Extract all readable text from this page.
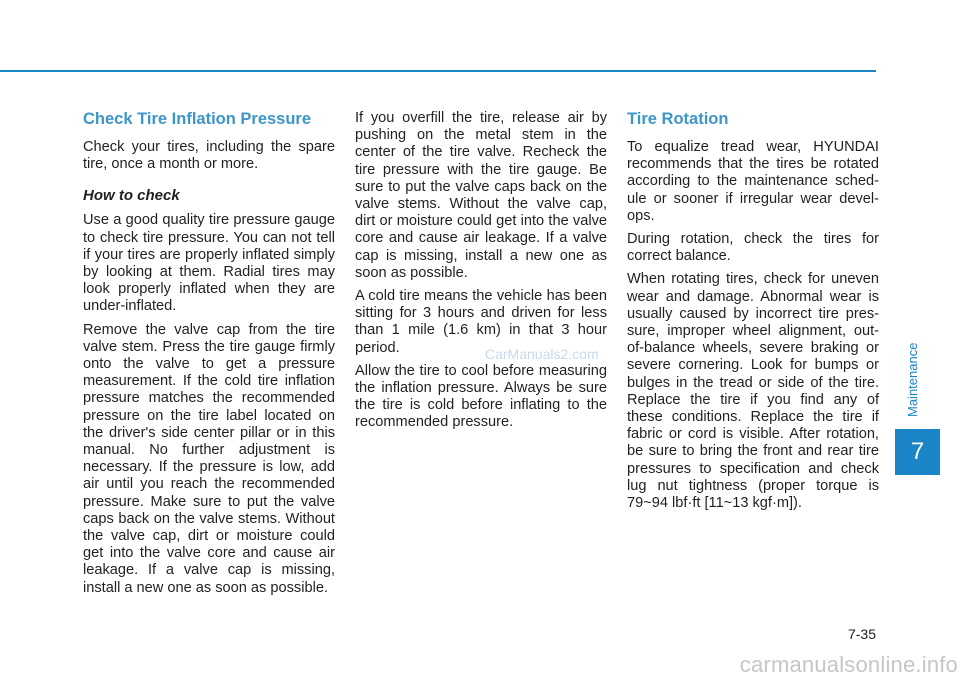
Check Tire Inflation Pressure

Check your tires, including the spare tire, once a month or more.

How to check

Use a good quality tire pressure gauge to check tire pressure. You can not tell if your tires are properly inflated simply by looking at them. Radial tires may look properly inflated when they are under-inflated.

Remove the valve cap from the tire valve stem. Press the tire gauge firmly onto the valve to get a pressure measurement. If the cold tire inflation pressure matches the recommended pressure on the tire label located on the driver's side center pillar or in this manual. No further adjustment is necessary. If the pressure is low, add air until you reach the recommended pressure. Make sure to put the valve caps back on the valve stems. Without the valve cap, dirt or moisture could get into the valve core and cause air leakage. If a valve cap is missing, install a new one as soon as possible.

If you overfill the tire, release air by pushing on the metal stem in the center of the tire valve. Recheck the tire pressure with the tire gauge. Be sure to put the valve caps back on the valve stems. Without the valve cap, dirt or moisture could get into the valve core and cause air leakage. If a valve cap is missing, install a new one as soon as possible.

A cold tire means the vehicle has been sitting for 3 hours and driven for less than 1 mile (1.6 km) in that 3 hour period.

Allow the tire to cool before measuring the inflation pressure. Always be sure the tire is cold before inflating to the recommended pressure.

Tire Rotation

To equalize tread wear, HYUNDAI recommends that the tires be rotated according to the maintenance schedule or sooner if irregular wear develops.

During rotation, check the tires for correct balance.

When rotating tires, check for uneven wear and damage. Abnormal wear is usually caused by incorrect tire pressure, improper wheel alignment, out-of-balance wheels, severe braking or severe cornering. Look for bumps or bulges in the tread or side of the tire. Replace the tire if you find any of these conditions. Replace the tire if fabric or cord is visible. After rotation, be sure to bring the front and rear tire pressures to specification and check lug nut tightness (proper torque is 79~94 lbf·ft [11~13 kgf·m]).

Maintenance
7
7-35
CarManuals2.com
carmanualsonline.info
